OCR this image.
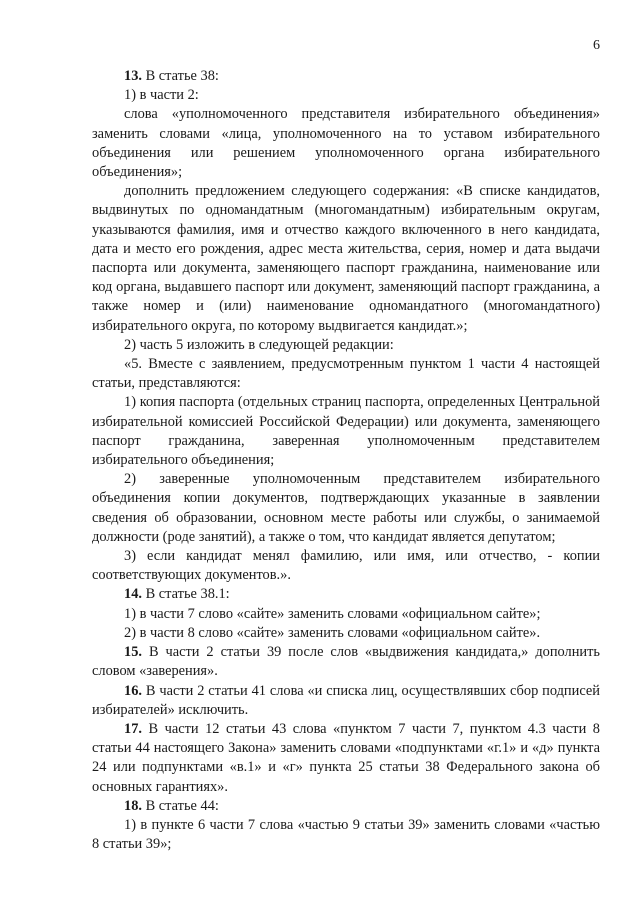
6

13. В статье 38:

1) в части 2:

слова «уполномоченного представителя избирательного объединения» заменить словами «лица, уполномоченного на то уставом избирательного объединения или решением уполномоченного органа избирательного объединения»;

дополнить предложением следующего содержания: «В списке кандидатов, выдвинутых по одномандатным (многомандатным) избирательным округам, указываются фамилия, имя и отчество каждого включенного в него кандидата, дата и место его рождения, адрес места жительства, серия, номер и дата выдачи паспорта или документа, заменяющего паспорт гражданина, наименование или код органа, выдавшего паспорт или документ, заменяющий паспорт гражданина, а также номер и (или) наименование одномандатного (многомандатного) избирательного округа, по которому выдвигается кандидат.»;

2) часть 5 изложить в следующей редакции:

«5. Вместе с заявлением, предусмотренным пунктом 1 части 4 настоящей статьи, представляются:

1) копия паспорта (отдельных страниц паспорта, определенных Центральной избирательной комиссией Российской Федерации) или документа, заменяющего паспорт гражданина, заверенная уполномоченным представителем избирательного объединения;

2) заверенные уполномоченным представителем избирательного объединения копии документов, подтверждающих указанные в заявлении сведения об образовании, основном месте работы или службы, о занимаемой должности (роде занятий), а также о том, что кандидат является депутатом;

3) если кандидат менял фамилию, или имя, или отчество, - копии соответствующих документов.».

14. В статье 38.1:

1) в части 7 слово «сайте» заменить словами «официальном сайте»;

2) в части 8 слово «сайте» заменить словами «официальном сайте».

15. В части 2 статьи 39 после слов «выдвижения кандидата,» дополнить словом «заверения».

16. В части 2 статьи 41 слова «и списка лиц, осуществлявших сбор подписей избирателей» исключить.

17. В части 12 статьи 43 слова «пунктом 7 части 7, пунктом 4.3 части 8 статьи 44 настоящего Закона» заменить словами «подпунктами «г.1» и «д» пункта 24 или подпунктами «в.1» и «г» пункта 25 статьи 38 Федерального закона об основных гарантиях».

18. В статье 44:

1) в пункте 6 части 7 слова «частью 9 статьи 39» заменить словами «частью 8 статьи 39»;
